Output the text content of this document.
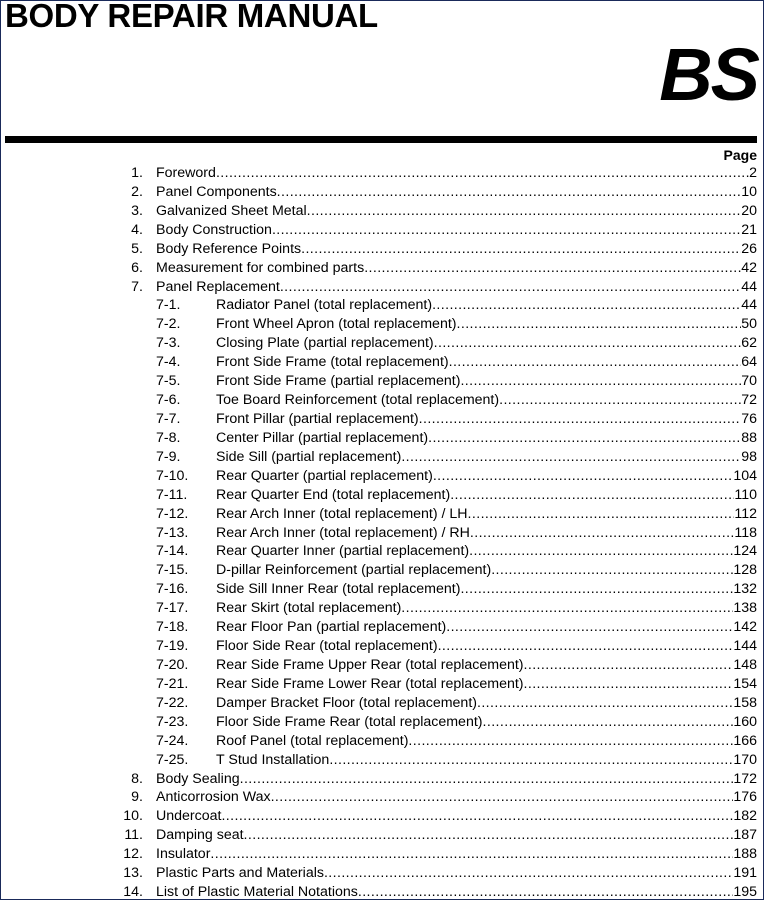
BODY REPAIR MANUAL
BS
Page
1. Foreword .....	2
2. Panel Components .....	10
3. Galvanized Sheet Metal .....	20
4. Body Construction .....	21
5. Body Reference Points .....	26
6. Measurement for combined parts .....	42
7. Panel Replacement .....	44
7-1.	Radiator Panel (total replacement) .....	44
7-2.	Front Wheel Apron (total replacement) .....	50
7-3.	Closing Plate (partial replacement) .....	62
7-4.	Front Side Frame (total replacement) .....	64
7-5.	Front Side Frame (partial replacement) .....	70
7-6.	Toe Board Reinforcement (total replacement) .....	72
7-7.	Front Pillar (partial replacement) .....	76
7-8.	Center Pillar (partial replacement) .....	88
7-9.	Side Sill (partial replacement) .....	98
7-10. Rear Quarter (partial replacement) .....	104
7-11. Rear Quarter End (total replacement) .....	110
7-12. Rear Arch Inner (total replacement) / LH .....	112
7-13. Rear Arch Inner (total replacement) / RH .....	118
7-14. Rear Quarter Inner (partial replacement) .....	124
7-15. D-pillar Reinforcement (partial replacement) .....	128
7-16. Side Sill Inner Rear (total replacement) .....	132
7-17. Rear Skirt (total replacement) .....	138
7-18. Rear Floor Pan (partial replacement) .....	142
7-19. Floor Side Rear (total replacement) .....	144
7-20. Rear Side Frame Upper Rear (total replacement) .....	148
7-21. Rear Side Frame Lower Rear (total replacement) .....	154
7-22. Damper Bracket Floor (total replacement) .....	158
7-23. Floor Side Frame Rear (total replacement) .....	160
7-24. Roof Panel (total replacement) .....	166
7-25. T Stud Installation .....	170
8. Body Sealing .....	172
9. Anticorrosion Wax .....	176
10. Undercoat .....	182
11. Damping seat .....	187
12. Insulator .....	188
13. Plastic Parts and Materials .....	191
14. List of Plastic Material Notations .....	195
